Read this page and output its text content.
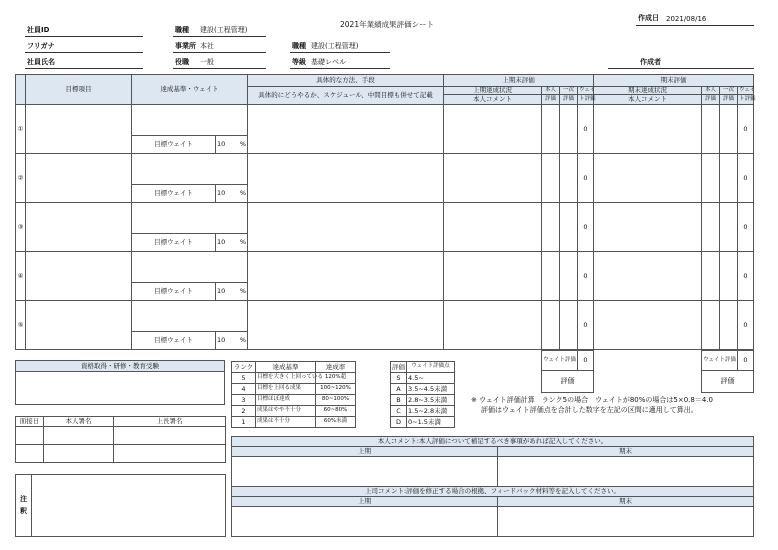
2021年業績成果評価シート
作成日 2021/08/16
社員ID
フリガナ
社員氏名
職種 建設(工程管理)
事業所 本社
役職 一般
職種 建設(工程管理)
等級 基礎レベル	作成者
	目標項目	達成基準・ウェイト		具体的な方法、手段	上期末評価				期末評価			
				具体的にどうやるか、スケジュール、中間目標も併せて記載	上期達成状況	本人	一次	ウェイ	期末達成状況	本人	一次	ウェイ
					本人コメント	評価	評価	ト評価	本人コメント	評価	評価	ト評価
①								0				0
		目標ウェイト	10 %									

②								0				0
		目標ウェイト	10 %									

③								0				0
		目標ウェイト	10 %									

④								0				0
		目標ウェイト	10 %									

⑤								0				0
		目標ウェイト	10 %									
ウェイト評価	0
評価
ウェイト評価	0
評価
資格取得・研修・教育受験

面接日	本人署名	上長署名

注
釈	
ランク	達成基準	達成率
5	目標を大きく上回っている	120%超
4	目標を上回る成果	100~120%
3	目標ほぼ達成	80~100%
2	成果はやや不十分	60~80%
1	成果は不十分	60%未満
評価	ウェイト評価点
S	4.5~
A	3.5~4.5未満
B	2.8~3.5未満
C	1.5~2.8未満
D	0~1.5未満
※ ウェイト評価計算　ランク5の場合　ウェイトが80%の場合は5×0.8＝4.0
評価はウェイト評価点を合計した数字を左記の区間に適用して算出。
本人コメント:本人評価について補足するべき事項があれば記入してください。	
上期	期末

上司コメント:評価を修正する場合の根拠、フィードバック材料等を記入してください。	
上期	期末
